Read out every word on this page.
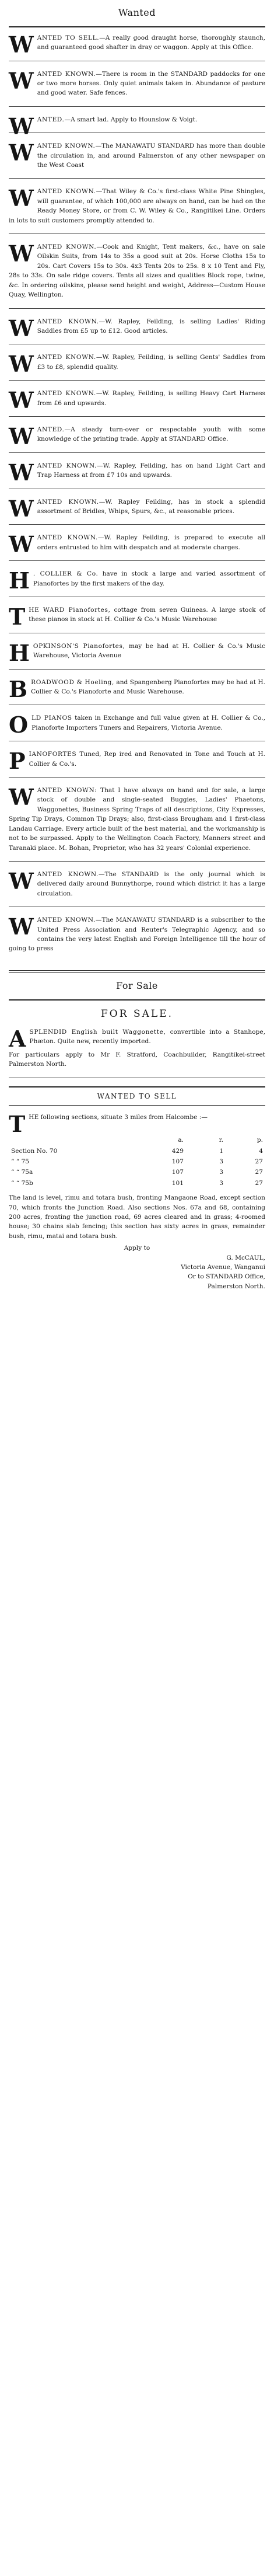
Wanted
WANTED TO SELL.—A really good draught horse, thoroughly staunch, and guaranteed good shafter in dray or waggon. Apply at this Office.
WANTED KNOWN.—There is room in the STANDARD paddocks for one or two more horses. Only quiet animals taken in. Abundance of pasture and good water. Safe fences.
WANTED.—A smart lad. Apply to Hounslow & Voigt.
WANTED KNOWN.—The MANAWATU STANDARD has more than double the circulation in, and around Palmerston of any other newspaper on the West Coast
WANTED KNOWN.—That Wiley & Co.'s first-class White Pine Shingles, will guarantee, of which 100,000 are always on hand, can be had on the Ready Money Store, or from C. W. Wiley & Co., Rangitikei Line. Orders in lots to suit customers promptly attended to.
WANTED KNOWN.—Cook and Knight, Tent makers, &c., have on sale Oilskin Suits, from 14s to 35s a good suit at 20s. Horse Cloths 15s to 20s. Cart Covers 15s to 30s. 4x3 Tents 20s to 25s. 8 x 10 Tent and Fly, 28s to 33s. On sale ridge covers. Tents all sizes and qualities Block rope, twine, &c. In ordering oilskins, please send height and weight, Address—Custom House Quay, Wellington.
WANTED KNOWN.—W. Rapley, Feilding, is selling Ladies' Riding Saddles from £5 up to £12. Good articles.
WANTED KNOWN.—W. Rapley, Feilding, is selling Gents' Saddles from £3 to £8, splendid quality.
WANTED KNOWN.—W. Rapley, Feilding, is selling Heavy Cart Harness from £6 and upwards.
WANTED.—A steady turn-over or respectable youth with some knowledge of the printing trade. Apply at STANDARD Office.
WANTED KNOWN.—W. Rapley, Feilding, has on hand Light Cart and Trap Harness at from £7 10s and upwards.
WANTED KNOWN.—W. Rapley Feilding, has in stock a splendid assortment of Bridles, Whips, Spurs, &c., at reasonable prices.
WANTED KNOWN.—W. Rapley Feilding, is prepared to execute all orders entrusted to him with despatch and at moderate charges.
H . COLLIER & Co. have in stock a large and varied assortment of Pianofortes by the first makers of the day.
THE WARD Pianofortes, cottage from seven Guineas. A large stock of these pianos in stock at H. Collier & Co.'s Music Warehouse
HOPKINSON'S Pianofortes, may be had at H. Collier & Co.'s Music Warehouse, Victoria Avenue
BROADWOOD & Hoeling, and Spangenberg Pianofortes may be had at H. Collier & Co.'s Pianoforte and Music Warehouse.
OLD PIANOS taken in Exchange and full value given at H. Collier & Co., Pianoforte Importers Tuners and Repairers, Victoria Avenue.
PIANOFORTES Tuned, Rep ired and Renovated in Tone and Touch at H. Collier & Co.'s.
WANTED KNOWN: That I have always on hand and for sale, a large stock of double and single-seated Buggies, Ladies' Phaetons, Waggonettes, Business Spring Traps of all descriptions, City Expresses, Spring Tip Drays, Common Tip Drays; also, first-class Brougham and 1 first-class Landau Carriage. Every article built of the best material, and the workmanship is not to be surpassed. Apply to the Wellington Coach Factory, Manners street and Taranaki place. M. Bohan, Proprietor, who has 32 years' Colonial experience.
WANTED KNOWN.—The STANDARD is the only journal which is delivered daily around Bunnythorpe, round which district it has a large circulation.
WANTED KNOWN.—The MANAWATU STANDARD is a subscriber to the United Press Association and Reuter's Telegraphic Agency, and so contains the very latest English and Foreign Intelligence till the hour of going to press
For Sale
FOR SALE.
ASPLENDID English built Waggonette, convertible into a Stanhope, Phæton. Quite new, recently imported.
For particulars apply to Mr F. Stratford, Coachbuilder, Rangitikei-street Palmerston North.
WANTED TO SELL
THE following sections, situate 3 miles from Halcombe :—
	a.	r.	p.
Section No. 70	429	1	4
“ “ 75	107	3	27
“ “ 75a	107	3	27
“ “ 75b	101	3	27
The land is level, rimu and totara bush, fronting Mangaone Road, except section 70, which fronts the Junction Road. Also sections Nos. 67a and 68, containing 200 acres, fronting the junction road, 69 acres cleared and in grass; 4-roomed house; 30 chains slab fencing; this section has sixty acres in grass, remainder bush, rimu, matai and totara bush.
Apply to
G. McCAUL,
Victoria Avenue, Wanganui
Or to STANDARD Office,
Palmerston North.
